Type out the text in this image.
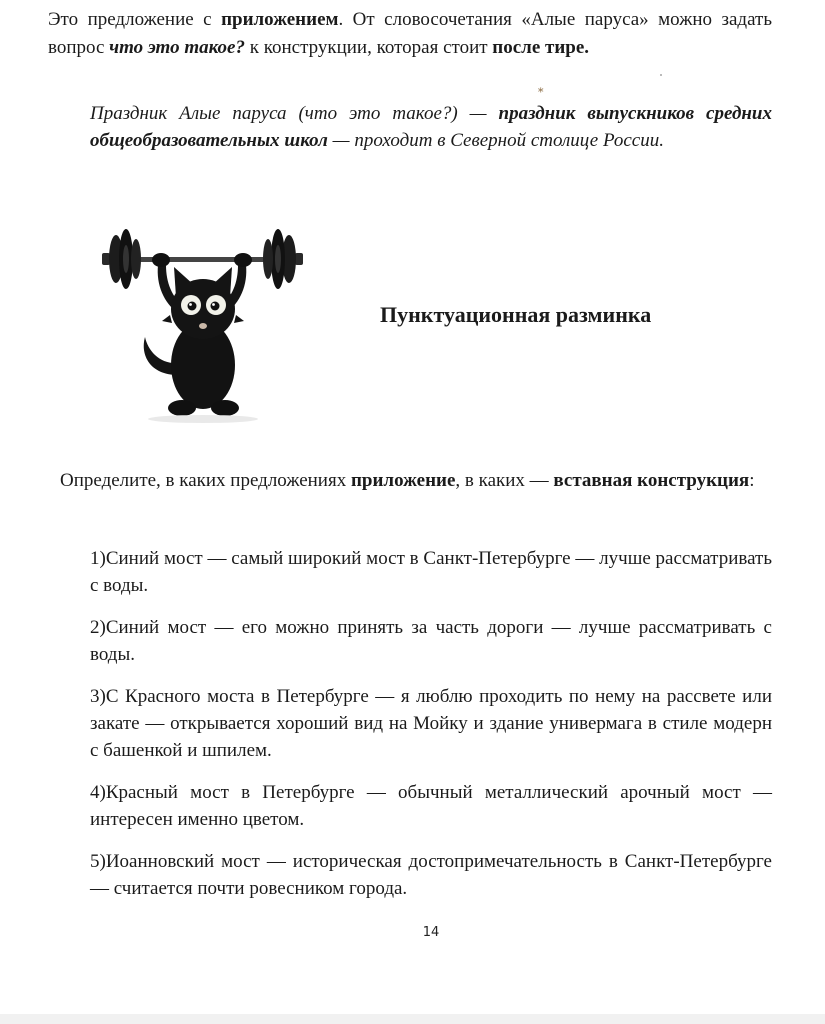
Это предложение с приложением. От словосочетания «Алые паруса» можно задать вопрос что это такое? к конструкции, которая стоит после тире.

⁎

Праздник Алые паруса (что это такое?) — праздник выпускников средних общеобразовательных школ — проходит в Северной столице России.

Пунктуационная разминка

Определите, в каких предложениях приложение, в каких — вставная конструкция:

1)Синий мост — самый широкий мост в Санкт-Петербурге — лучше рассматривать с воды.
2)Синий мост — его можно принять за часть дороги — лучше рассматривать с воды.
3)С Красного моста в Петербурге — я люблю проходить по нему на рассвете или закате — открывается хороший вид на Мойку и здание универмага в стиле модерн с башенкой и шпилем.
4)Красный мост в Петербурге — обычный металлический арочный мост — интересен именно цветом.
5)Иоанновский мост — историческая достопримечательность в Санкт-Петербурге — считается почти ровесником города.
14
